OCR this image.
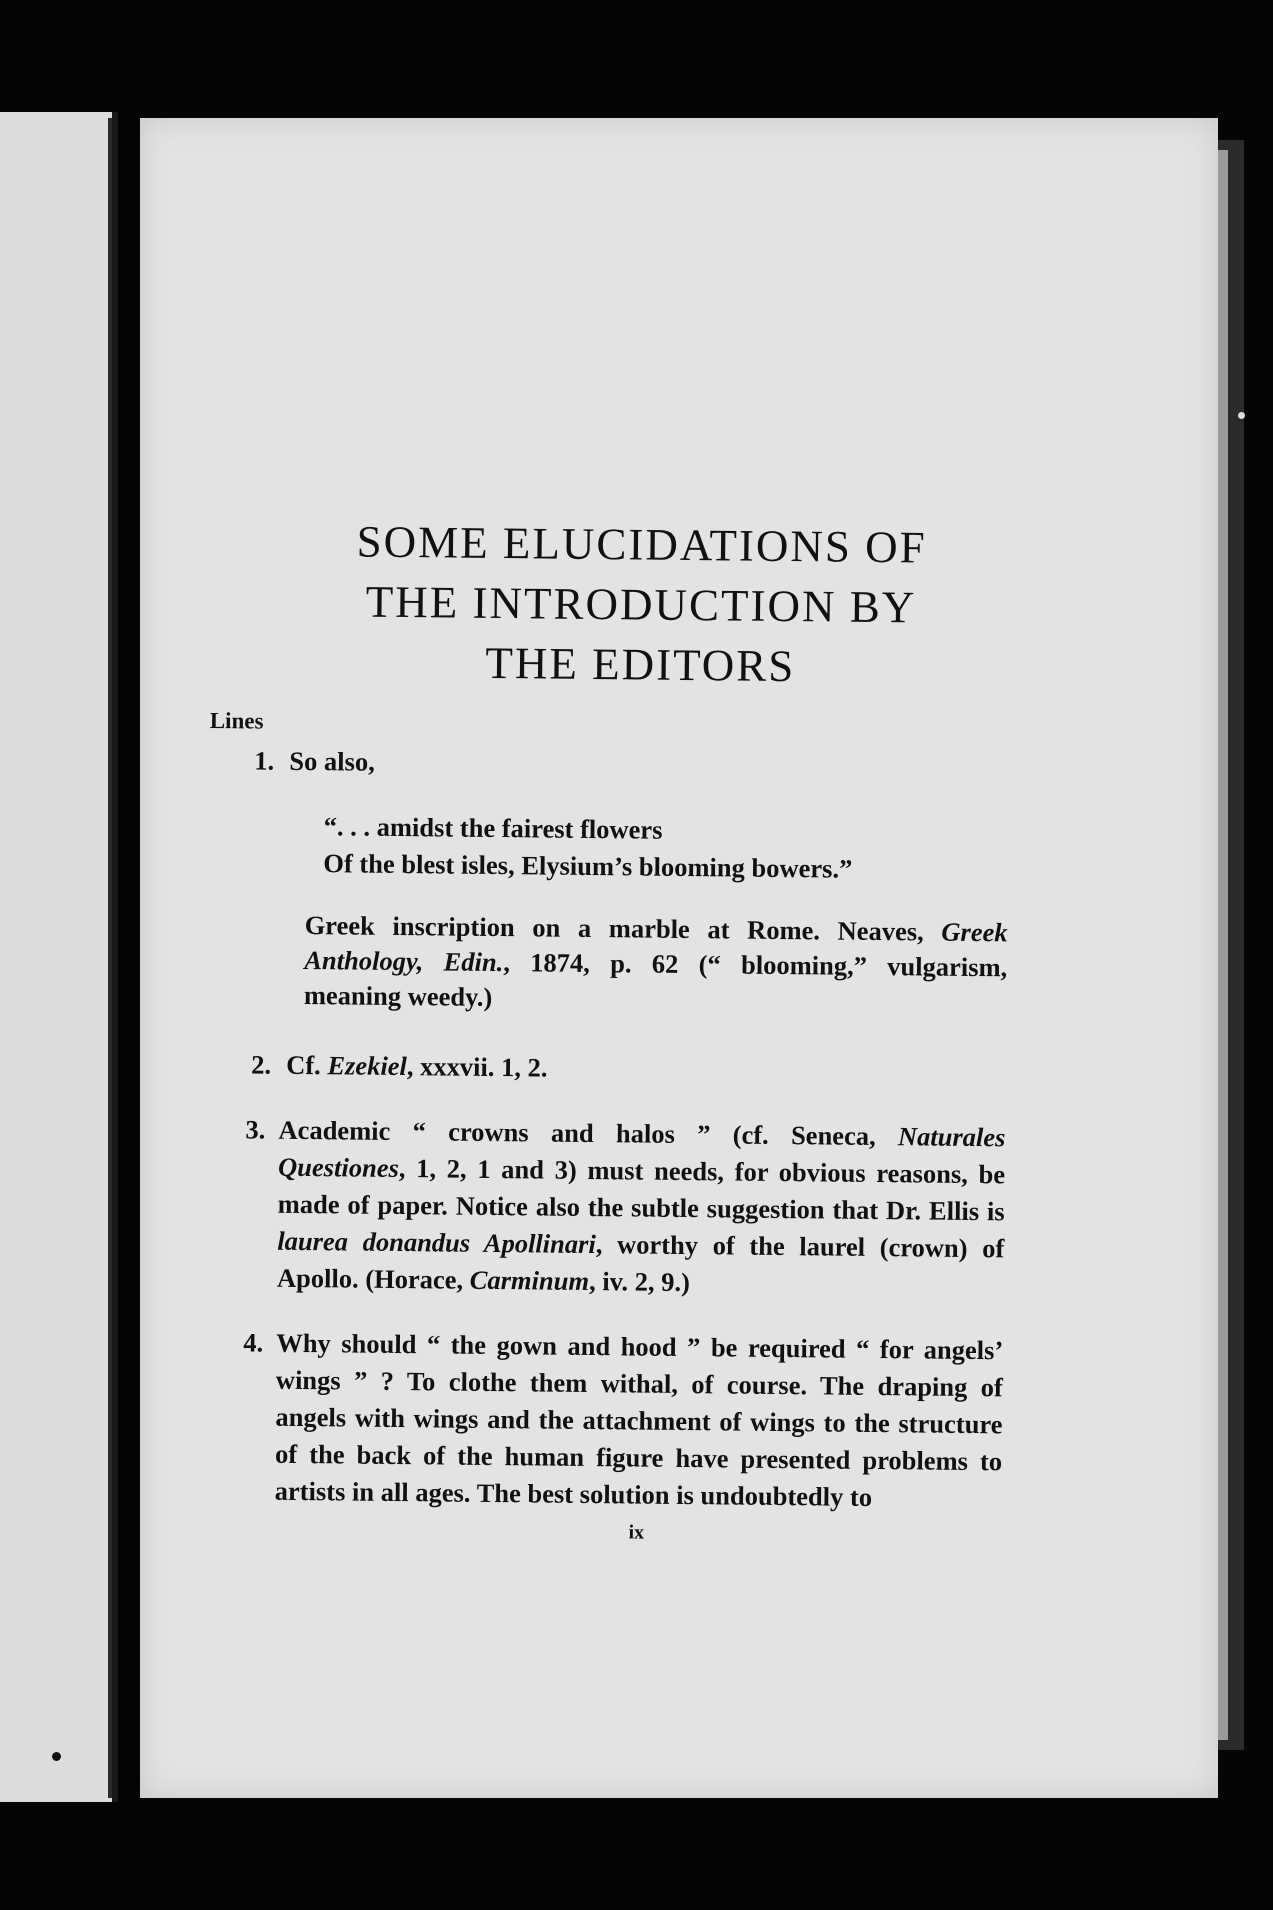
SOME ELUCIDATIONS OF
THE INTRODUCTION BY
THE EDITORS
Lines
1. So also,
“. . . amidst the fairest flowers
Of the blest isles, Elysium’s blooming bowers.”
Greek inscription on a marble at Rome. Neaves, Greek Anthology, Edin., 1874, p. 62 (“ blooming,” vulgarism, meaning weedy.)
2. Cf. Ezekiel, xxxvii. 1, 2.
3. Academic “ crowns and halos ” (cf. Seneca, Naturales Questiones, 1, 2, 1 and 3) must needs, for obvious reasons, be made of paper. Notice also the subtle suggestion that Dr. Ellis is laurea donandus Apollinari, worthy of the laurel (crown) of Apollo. (Horace, Carminum, iv. 2, 9.)
4. Why should “ the gown and hood ” be required “ for angels’ wings ” ? To clothe them withal, of course. The draping of angels with wings and the attachment of wings to the structure of the back of the human figure have presented problems to artists in all ages. The best solution is undoubtedly to
ix
